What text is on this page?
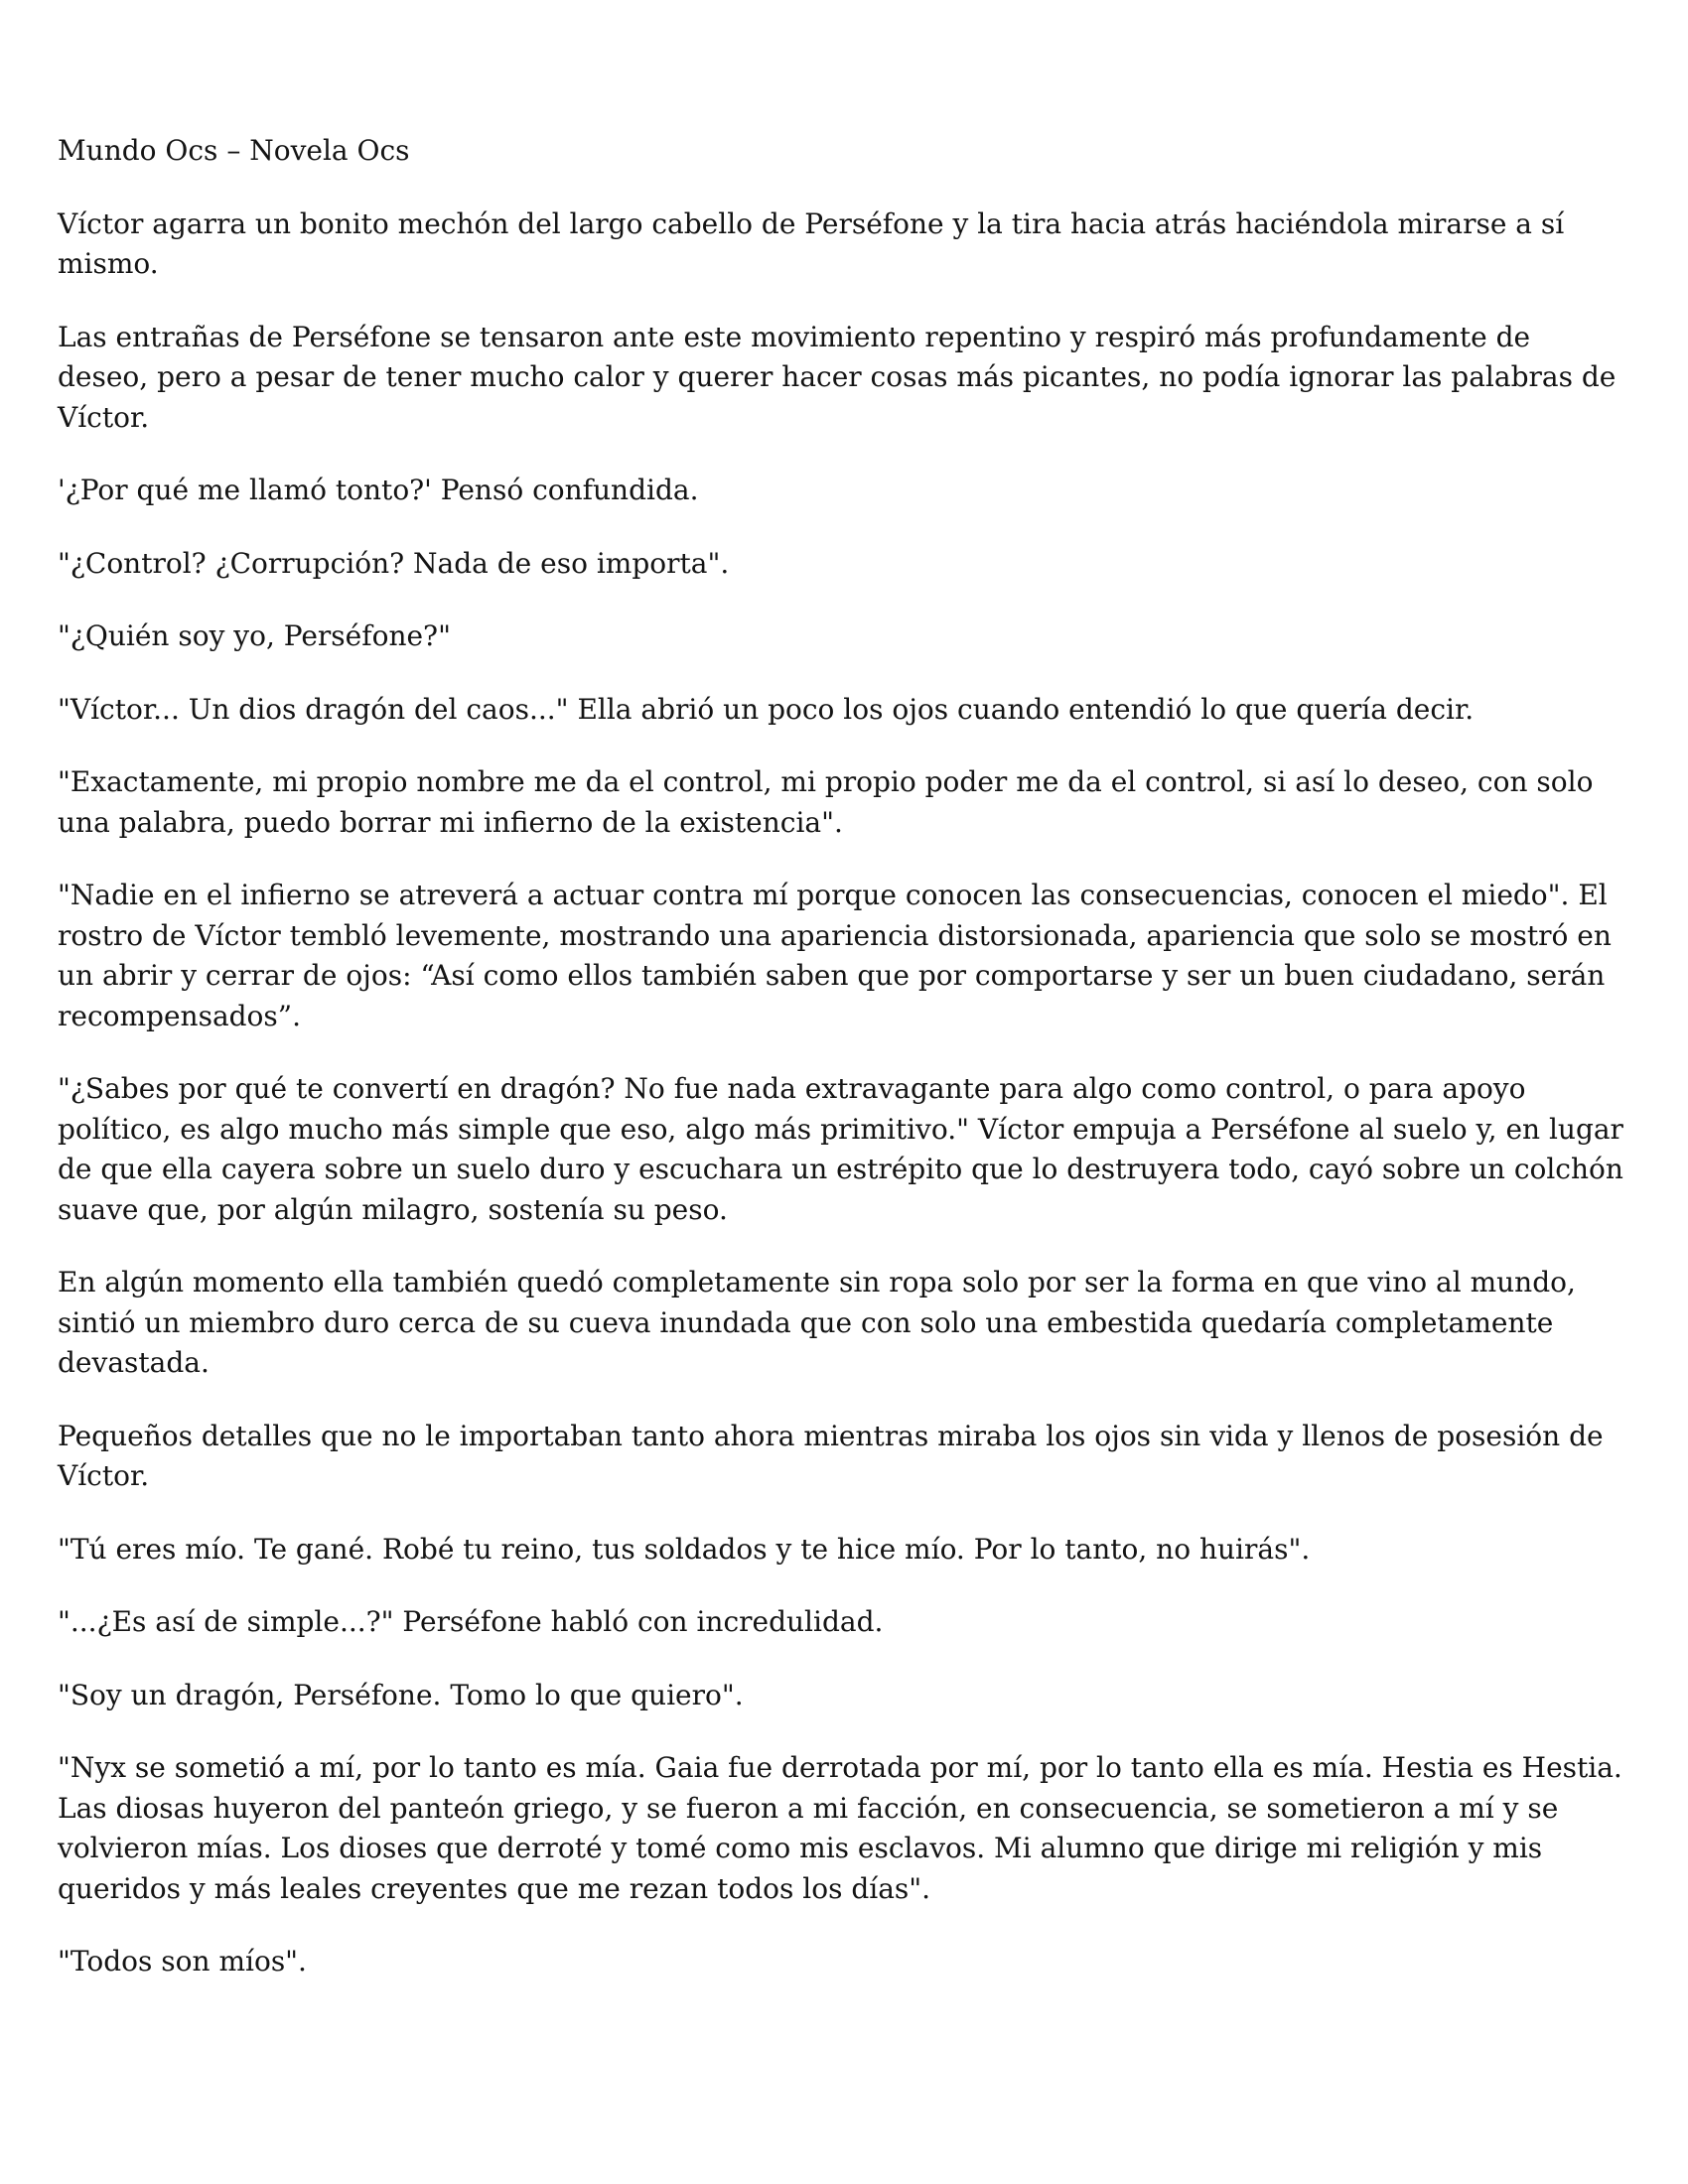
Mundo Ocs – Novela Ocs

Víctor agarra un bonito mechón del largo cabello de Perséfone y la tira hacia atrás haciéndola mirarse a sí mismo.

Las entrañas de Perséfone se tensaron ante este movimiento repentino y respiró más profundamente de deseo, pero a pesar de tener mucho calor y querer hacer cosas más picantes, no podía ignorar las palabras de Víctor.

'¿Por qué me llamó tonto?' Pensó confundida.

"¿Control? ¿Corrupción? Nada de eso importa".

"¿Quién soy yo, Perséfone?"

"Víctor... Un dios dragón del caos..." Ella abrió un poco los ojos cuando entendió lo que quería decir.

"Exactamente, mi propio nombre me da el control, mi propio poder me da el control, si así lo deseo, con solo una palabra, puedo borrar mi infierno de la existencia".

"Nadie en el infierno se atreverá a actuar contra mí porque conocen las consecuencias, conocen el miedo". El rostro de Víctor tembló levemente, mostrando una apariencia distorsionada, apariencia que solo se mostró en un abrir y cerrar de ojos: “Así como ellos también saben que por comportarse y ser un buen ciudadano, serán recompensados”.

"¿Sabes por qué te convertí en dragón? No fue nada extravagante para algo como control, o para apoyo político, es algo mucho más simple que eso, algo más primitivo." Víctor empuja a Perséfone al suelo y, en lugar de que ella cayera sobre un suelo duro y escuchara un estrépito que lo destruyera todo, cayó sobre un colchón suave que, por algún milagro, sostenía su peso.

En algún momento ella también quedó completamente sin ropa solo por ser la forma en que vino al mundo, sintió un miembro duro cerca de su cueva inundada que con solo una embestida quedaría completamente devastada.

Pequeños detalles que no le importaban tanto ahora mientras miraba los ojos sin vida y llenos de posesión de Víctor.

"Tú eres mío. Te gané. Robé tu reino, tus soldados y te hice mío. Por lo tanto, no huirás".

"...¿Es así de simple...?" Perséfone habló con incredulidad.

"Soy un dragón, Perséfone. Tomo lo que quiero".

"Nyx se sometió a mí, por lo tanto es mía. Gaia fue derrotada por mí, por lo tanto ella es mía. Hestia es Hestia. Las diosas huyeron del panteón griego, y se fueron a mi facción, en consecuencia, se sometieron a mí y se volvieron mías. Los dioses que derroté y tomé como mis esclavos. Mi alumno que dirige mi religión y mis queridos y más leales creyentes que me rezan todos los días".

"Todos son míos".
